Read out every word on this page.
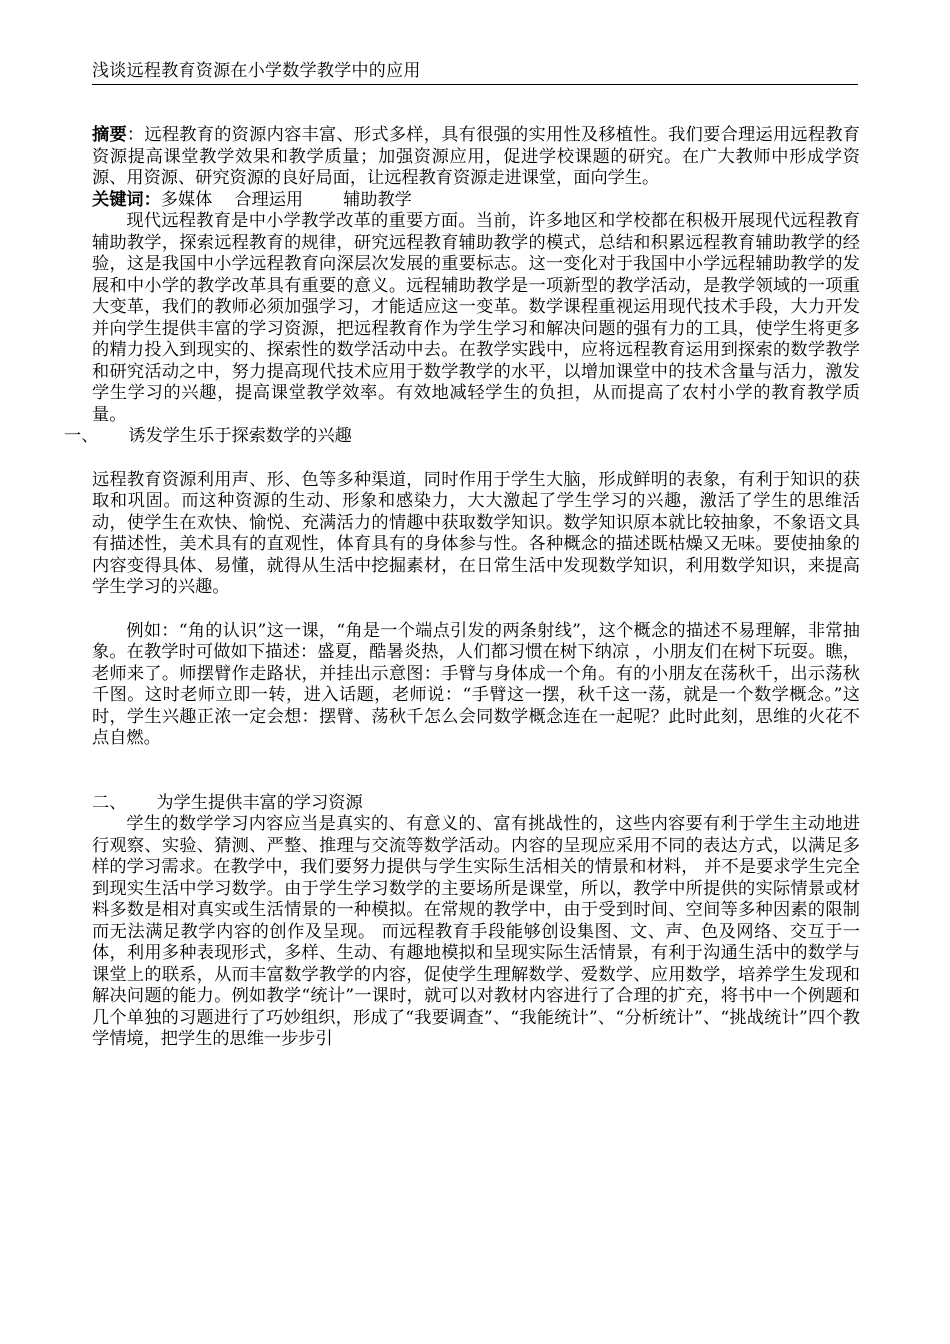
浅谈远程教育资源在小学数学教学中的应用

摘要：远程教育的资源内容丰富、形式多样，具有很强的实用性及移植性。我们要合理运用远程教育资源提高课堂教学效果和教学质量；加强资源应用，促进学校课题的研究。在广大教师中形成学资源、用资源、研究资源的良好局面，让远程教育资源走进课堂，面向学生。

关键词：多媒体 合理运用 辅助教学

现代远程教育是中小学教学改革的重要方面。当前，许多地区和学校都在积极开展现代远程教育辅助教学，探索远程教育的规律，研究远程教育辅助教学的模式，总结和积累远程教育辅助教学的经验，这是我国中小学远程教育向深层次发展的重要标志。这一变化对于我国中小学远程辅助教学的发展和中小学的教学改革具有重要的意义。远程辅助教学是一项新型的教学活动，是教学领域的一项重大变革，我们的教师必须加强学习，才能适应这一变革。数学课程重视运用现代技术手段，大力开发并向学生提供丰富的学习资源，把远程教育作为学生学习和解决问题的强有力的工具，使学生将更多的精力投入到现实的、探索性的数学活动中去。在教学实践中，应将远程教育运用到探索的数学教学和研究活动之中，努力提高现代技术应用于数学教学的水平，以增加课堂中的技术含量与活力，激发学生学习的兴趣，提高课堂教学效率。有效地减轻学生的负担，从而提高了农村小学的教育教学质量。

一、 诱发学生乐于探索数学的兴趣

远程教育资源利用声、形、色等多种渠道，同时作用于学生大脑，形成鲜明的表象，有利于知识的获取和巩固。而这种资源的生动、形象和感染力，大大激起了学生学习的兴趣，激活了学生的思维活动，使学生在欢快、愉悦、充满活力的情趣中获取数学知识。数学知识原本就比较抽象，不象语文具有描述性，美术具有的直观性，体育具有的身体参与性。各种概念的描述既枯燥又无味。要使抽象的内容变得具体、易懂，就得从生活中挖掘素材，在日常生活中发现数学知识，利用数学知识，来提高学生学习的兴趣。

例如：“角的认识”这一课，“角是一个端点引发的两条射线”，这个概念的描述不易理解，非常抽象。在教学时可做如下描述：盛夏，酷暑炎热，人们都习惯在树下纳凉 ，小朋友们在树下玩耍。瞧，老师来了。师摆臂作走路状，并挂出示意图：手臂与身体成一个角。有的小朋友在荡秋千，出示荡秋千图。这时老师立即一转，进入话题，老师说：“手臂这一摆，秋千这一荡，就是一个数学概念。”这时，学生兴趣正浓一定会想：摆臂、荡秋千怎么会同数学概念连在一起呢？此时此刻，思维的火花不点自燃。

二、 为学生提供丰富的学习资源

学生的数学学习内容应当是真实的、有意义的、富有挑战性的，这些内容要有利于学生主动地进行观察、实验、猜测、严整、推理与交流等数学活动。内容的呈现应采用不同的表达方式，以满足多样的学习需求。在教学中，我们要努力提供与学生实际生活相关的情景和材料， 并不是要求学生完全到现实生活中学习数学。由于学生学习数学的主要场所是课堂，所以，教学中所提供的实际情景或材料多数是相对真实或生活情景的一种模拟。在常规的教学中，由于受到时间、空间等多种因素的限制而无法满足教学内容的创作及呈现。 而远程教育手段能够创设集图、文、声、色及网络、交互于一体，利用多种表现形式，多样、生动、有趣地模拟和呈现实际生活情景，有利于沟通生活中的数学与课堂上的联系，从而丰富数学教学的内容，促使学生理解数学、爱数学、应用数学，培养学生发现和解决问题的能力。例如教学“统计”一课时，就可以对教材内容进行了合理的扩充，将书中一个例题和几个单独的习题进行了巧妙组织，形成了“我要调查”、“我能统计”、“分析统计”、“挑战统计”四个教学情境，把学生的思维一步步引
